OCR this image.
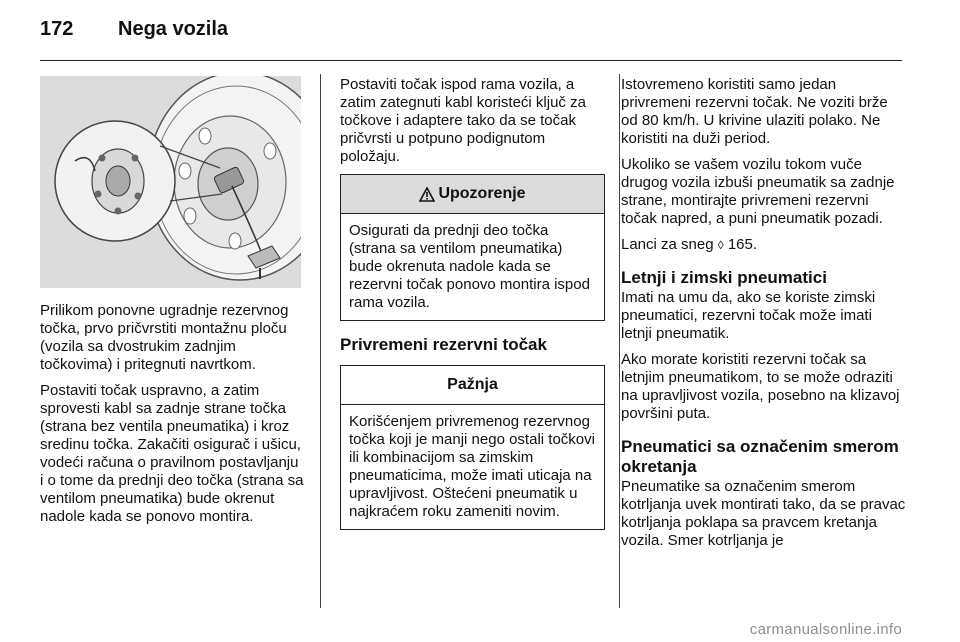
172 Nega vozila

Prilikom ponovne ugradnje rezervnog točka, prvo pričvrstiti montažnu ploču (vozila sa dvostrukim zadnjim točkovima) i pritegnuti navrtkom.

Postaviti točak uspravno, a zatim sprovesti kabl sa zadnje strane točka (strana bez ventila pneumatika) i kroz sredinu točka. Zakačiti osigurač i ušicu, vodeći računa o pravilnom postavljanju i o tome da prednji deo točka (strana sa ventilom pneumatika) bude okrenut nadole kada se ponovo montira.

Postaviti točak ispod rama vozila, a zatim zategnuti kabl koristeći ključ za točkove i adaptere tako da se točak pričvrsti u potpuno podignutom položaju.

Upozorenje
Osigurati da prednji deo točka (strana sa ventilom pneumatika) bude okrenuta nadole kada se rezervni točak ponovo montira ispod rama vozila.
Privremeni rezervni točak
Pažnja
Korišćenjem privremenog rezervnog točka koji je manji nego ostali točkovi ili kombinacijom sa zimskim pneumaticima, može imati uticaja na upravljivost. Oštećeni pneumatik u najkraćem roku zameniti novim.

Istovremeno koristiti samo jedan privremeni rezervni točak. Ne voziti brže od 80 km/h. U krivine ulaziti polako. Ne koristiti na duži period.

Ukoliko se vašem vozilu tokom vuče drugog vozila izbuši pneumatik sa zadnje strane, montirajte privremeni rezervni točak napred, a puni pneumatik pozadi.

Lanci za sneg ◊ 165.

Letnji i zimski pneumatici

Imati na umu da, ako se koriste zimski pneumatici, rezervni točak može imati letnji pneumatik.

Ako morate koristiti rezervni točak sa letnjim pneumatikom, to se može odraziti na upravljivost vozila, posebno na klizavoj površini puta.

Pneumatici sa označenim smerom okretanja

Pneumatike sa označenim smerom kotrljanja uvek montirati tako, da se pravac kotrljanja poklapa sa pravcem kretanja vozila. Smer kotrljanja je

carmanualsonline.info
